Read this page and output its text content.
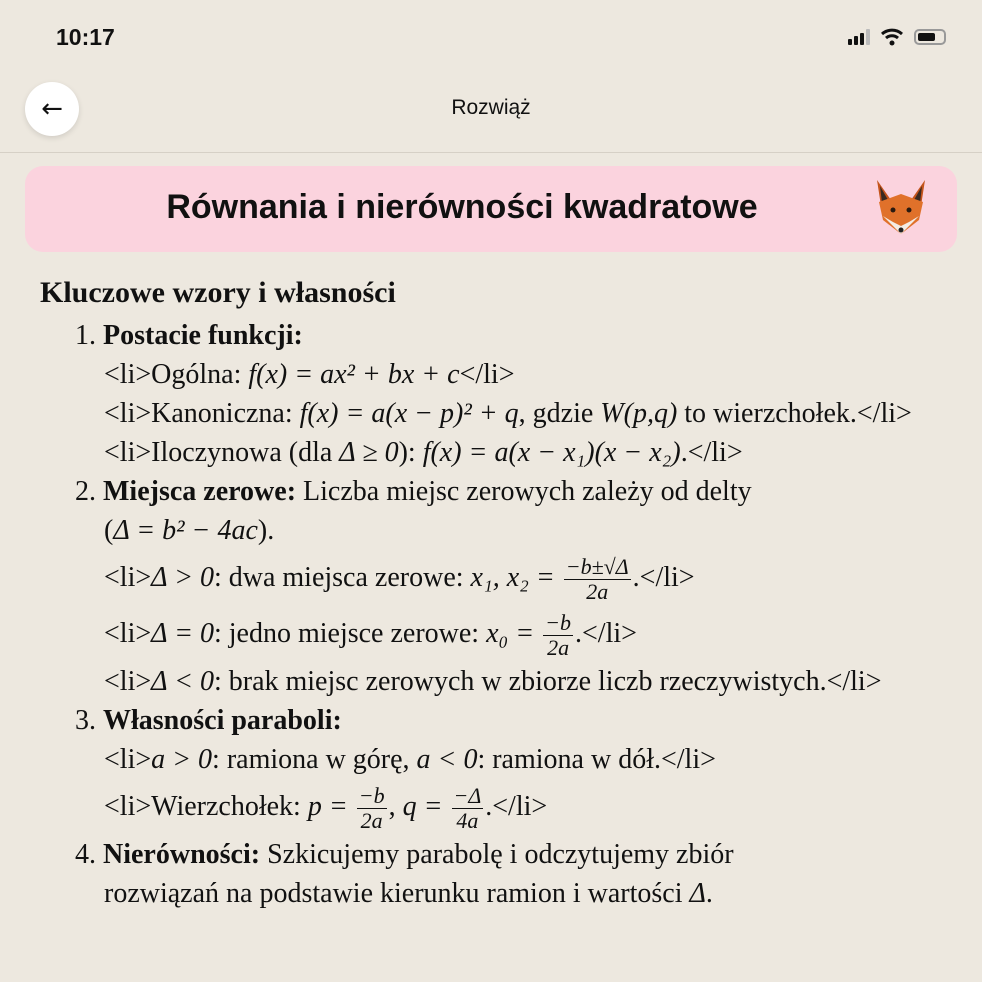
10:17
←	Rozwiąż
Równania i nierówności kwadratowe
Kluczowe wzory i własności
1. Postacie funkcji:
<li>Ogólna: f(x) = ax² + bx + c</li>
<li>Kanoniczna: f(x) = a(x − p)² + q, gdzie W(p,q) to wierzchołek.</li>
<li>Iloczynowa (dla Δ ≥ 0): f(x) = a(x − x₁)(x − x₂).</li>
2. Miejsca zerowe: Liczba miejsc zerowych zależy od delty
(Δ = b² − 4ac).
<li>Δ > 0: dwa miejsca zerowe: x₁, $x_2 = \frac{-b\pm√\Delta}{2a} .</li>$
<li>Δ = 0: jedno miejsce zerowe: $x_0 = \frac{-b}{2a} .</li>$
<li>Δ < 0: brak miejsc zerowych w zbiorze liczb rzeczywistych.</li>
3. Własności paraboli:
<li>a > 0: ramiona w górę, a < 0: ramiona w dół.</li>
<li>Wierzchołek: $p = \frac{-b}{2a}$ , $q = \frac{-\Delta}{4a} .</li>$
4. Nierówności: Szkicujemy parabolę i odczytujemy zbiór
rozwiązań na podstawie kierunku ramion i wartości Δ.
